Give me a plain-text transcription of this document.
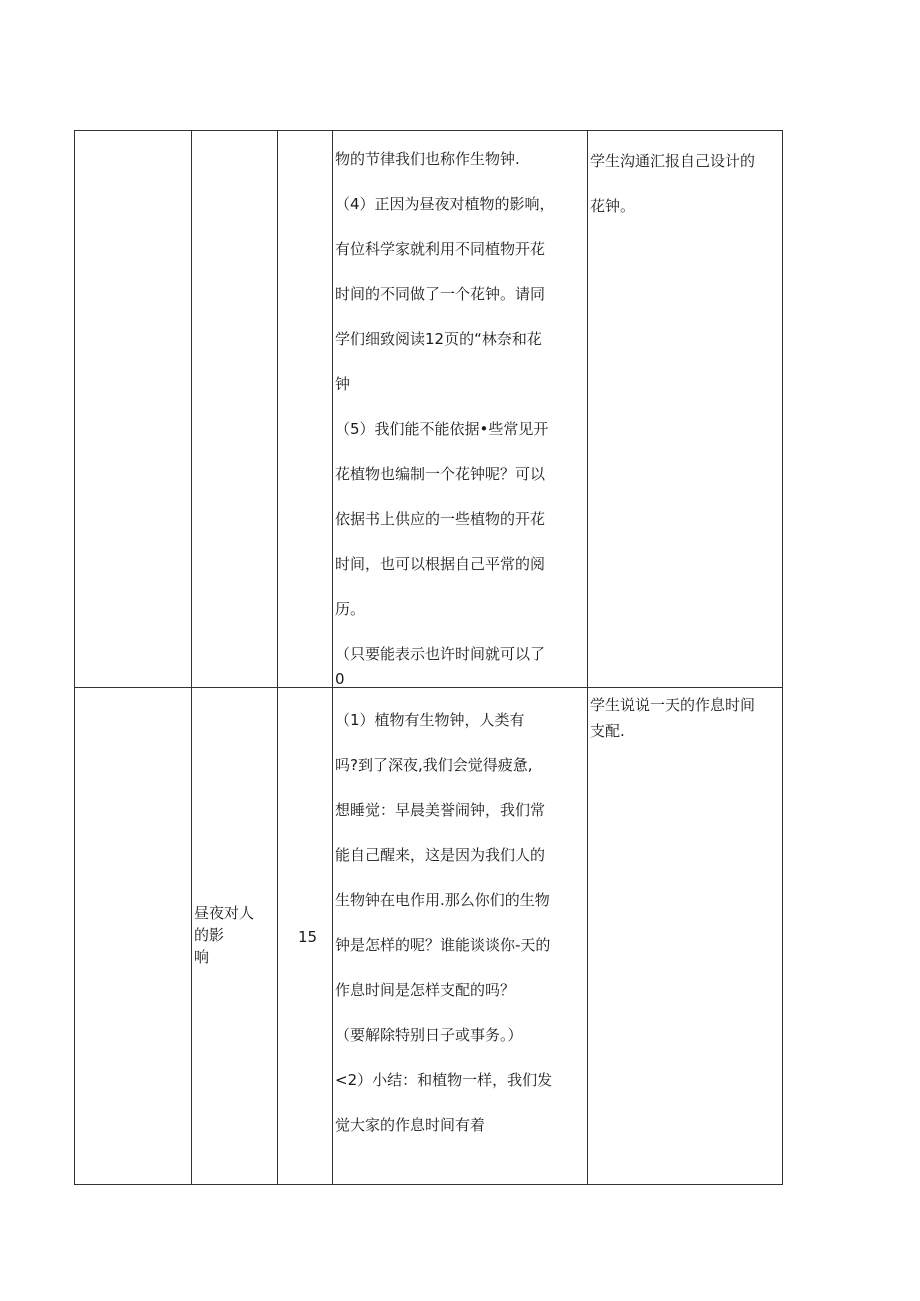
物的节律我们也称作生物钟.
（4）正因为昼夜对植物的影响，
有位科学家就利用不同植物开花
时间的不同做了一个花钟。请同
学们细致阅读12页的“林奈和花
钟
（5）我们能不能依据•些常见开
花植物也编制一个花钟呢？可以
依据书上供应的一些植物的开花
时间，也可以根据自己平常的阅
历。
（只要能表示也许时间就可以了
0
学生沟通汇报自己设计的
花钟。
昼夜对人
的影
响
15
（1）植物有生物钟，人类有
吗?到了深夜,我们会觉得疲惫,
想睡觉：早晨美誉闹钟，我们常
能自己醒来，这是因为我们人的
生物钟在电作用.那么你们的生物
钟是怎样的呢？谁能谈谈你-天的
作息时间是怎样支配的吗？
（要解除特别日子或事务。）
<2）小结：和植物一样，我们发
觉大家的作息时间有着
学生说说一天的作息时间
支配.
